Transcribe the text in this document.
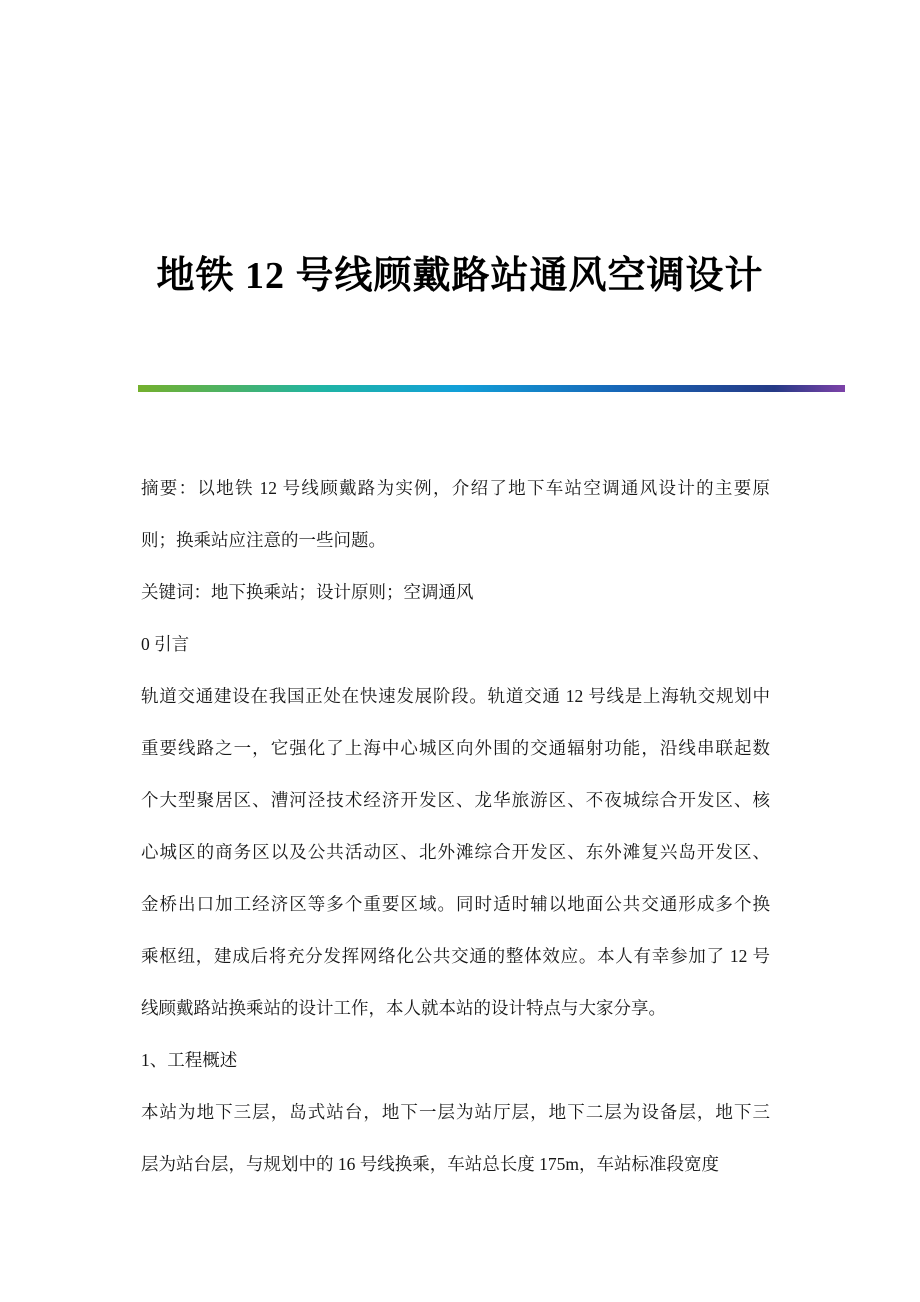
地铁 12 号线顾戴路站通风空调设计
摘要：以地铁 12 号线顾戴路为实例，介绍了地下车站空调通风设计的主要原
则；换乘站应注意的一些问题。
关键词：地下换乘站；设计原则；空调通风
0 引言
轨道交通建设在我国正处在快速发展阶段。轨道交通 12 号线是上海轨交规划中
重要线路之一，它强化了上海中心城区向外围的交通辐射功能，沿线串联起数
个大型聚居区、漕河泾技术经济开发区、龙华旅游区、不夜城综合开发区、核
心城区的商务区以及公共活动区、北外滩综合开发区、东外滩复兴岛开发区、
金桥出口加工经济区等多个重要区域。同时适时辅以地面公共交通形成多个换
乘枢纽，建成后将充分发挥网络化公共交通的整体效应。本人有幸参加了 12 号
线顾戴路站换乘站的设计工作，本人就本站的设计特点与大家分享。
1、工程概述
本站为地下三层，岛式站台，地下一层为站厅层，地下二层为设备层，地下三
层为站台层，与规划中的 16 号线换乘，车站总长度 175m，车站标准段宽度
